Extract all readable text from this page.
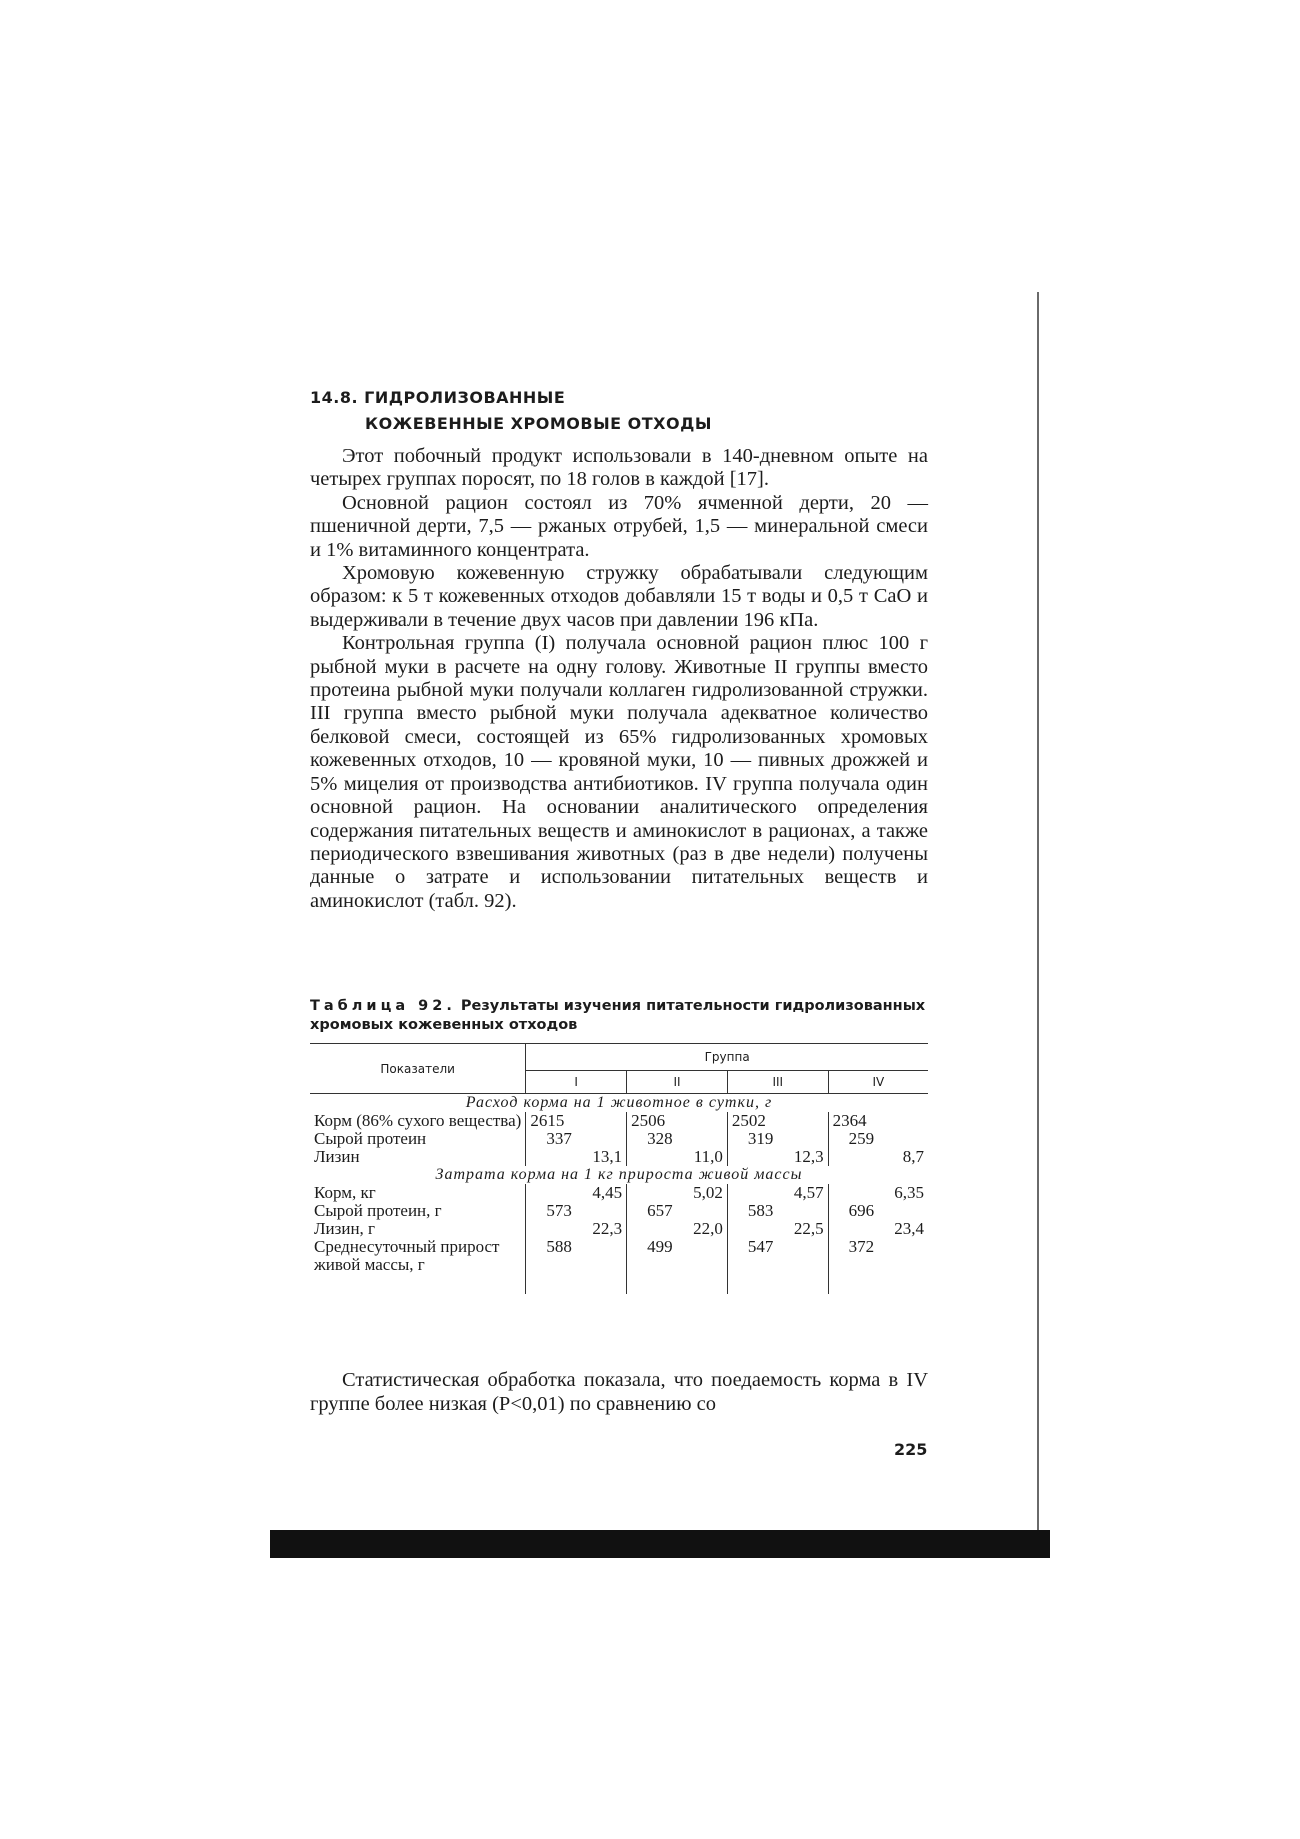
14.8. ГИДРОЛИЗОВАННЫЕ
КОЖЕВЕННЫЕ ХРОМОВЫЕ ОТХОДЫ

Этот побочный продукт использовали в 140-дневном опыте на четырех группах поросят, по 18 голов в каждой [17].

Основной рацион состоял из 70% ячменной дерти, 20 — пшеничной дерти, 7,5 — ржаных отрубей, 1,5 — минеральной смеси и 1% витаминного концентрата.

Хромовую кожевенную стружку обрабатывали следующим образом: к 5 т кожевенных отходов добавляли 15 т воды и 0,5 т CaO и выдерживали в течение двух часов при давлении 196 кПа.

Контрольная группа (I) получала основной рацион плюс 100 г рыбной муки в расчете на одну голову. Животные II группы вместо протеина рыбной муки получали коллаген гидролизованной стружки. III группа вместо рыбной муки получала адекватное количество белковой смеси, состоящей из 65% гидролизованных хромовых кожевенных отходов, 10 — кровяной муки, 10 — пивных дрожжей и 5% мицелия от производства антибиотиков. IV группа получала один основной рацион. На основании аналитического определения содержания питательных веществ и аминокислот в рационах, а также периодического взвешивания животных (раз в две недели) получены данные о затрате и использовании питательных веществ и аминокислот (табл. 92).

Таблица 92. Результаты изучения питательности гидролизованных хромовых кожевенных отходов
Показатели	Группа			
	I	II	III	IV
Расход корма на 1 животное в сутки, г				
Корм (86% сухого вещества)	2615	2506	2502	2364
Сырой протеин	337	328	319	259
Лизин	13,1	11,0	12,3	8,7
Затрата корма на 1 кг прироста живой массы				
Корм, кг	4,45	5,02	4,57	6,35
Сырой протеин, г	573	657	583	696
Лизин, г	22,3	22,0	22,5	23,4
Среднесуточный прирост живой массы, г	588	499	547	372

Статистическая обработка показала, что поедаемость корма в IV группе более низкая (P<0,01) по сравнению со

225
